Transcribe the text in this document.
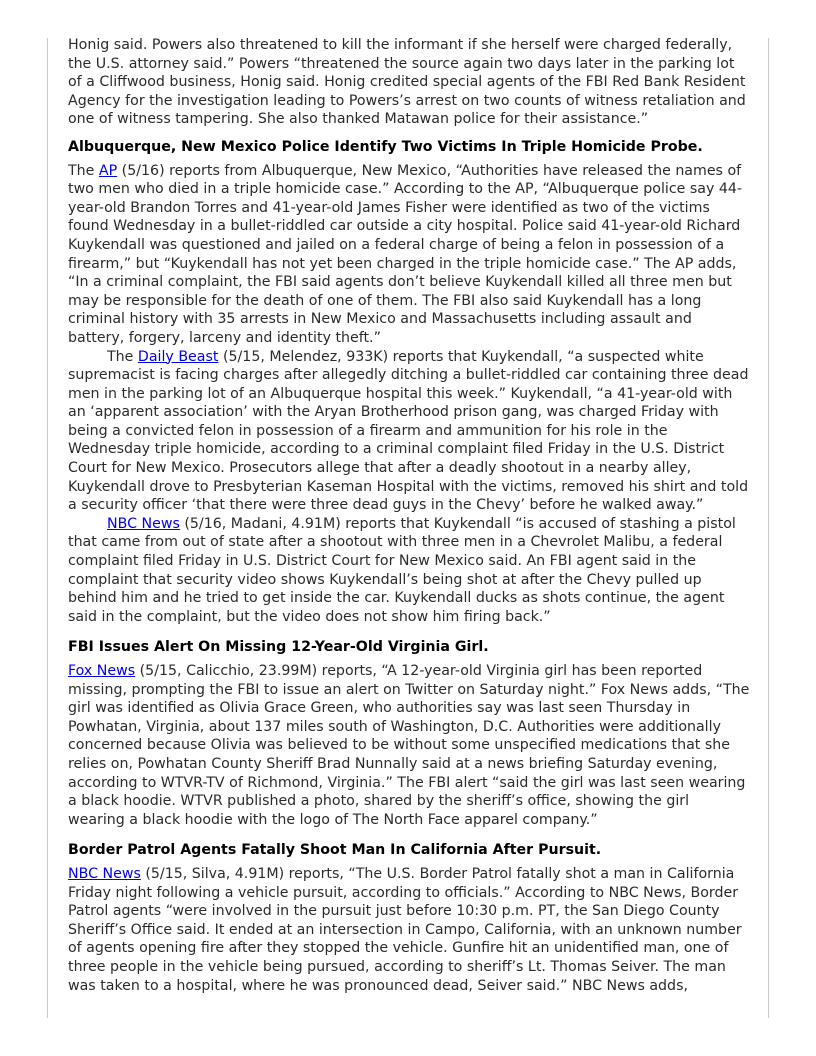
Honig said. Powers also threatened to kill the informant if she herself were charged federally, the U.S. attorney said.” Powers “threatened the source again two days later in the parking lot of a Cliffwood business, Honig said. Honig credited special agents of the FBI Red Bank Resident Agency for the investigation leading to Powers’s arrest on two counts of witness retaliation and one of witness tampering. She also thanked Matawan police for their assistance.”

Albuquerque, New Mexico Police Identify Two Victims In Triple Homicide Probe.

The AP (5/16) reports from Albuquerque, New Mexico, “Authorities have released the names of two men who died in a triple homicide case.” According to the AP, “Albuquerque police say 44-year-old Brandon Torres and 41-year-old James Fisher were identified as two of the victims found Wednesday in a bullet-riddled car outside a city hospital. Police said 41-year-old Richard Kuykendall was questioned and jailed on a federal charge of being a felon in possession of a firearm,” but “Kuykendall has not yet been charged in the triple homicide case.” The AP adds, “In a criminal complaint, the FBI said agents don’t believe Kuykendall killed all three men but may be responsible for the death of one of them. The FBI also said Kuykendall has a long criminal history with 35 arrests in New Mexico and Massachusetts including assault and battery, forgery, larceny and identity theft.”

The Daily Beast (5/15, Melendez, 933K) reports that Kuykendall, “a suspected white supremacist is facing charges after allegedly ditching a bullet-riddled car containing three dead men in the parking lot of an Albuquerque hospital this week.” Kuykendall, “a 41-year-old with an ‘apparent association’ with the Aryan Brotherhood prison gang, was charged Friday with being a convicted felon in possession of a firearm and ammunition for his role in the Wednesday triple homicide, according to a criminal complaint filed Friday in the U.S. District Court for New Mexico. Prosecutors allege that after a deadly shootout in a nearby alley, Kuykendall drove to Presbyterian Kaseman Hospital with the victims, removed his shirt and told a security officer ‘that there were three dead guys in the Chevy’ before he walked away.”

NBC News (5/16, Madani, 4.91M) reports that Kuykendall “is accused of stashing a pistol that came from out of state after a shootout with three men in a Chevrolet Malibu, a federal complaint filed Friday in U.S. District Court for New Mexico said. An FBI agent said in the complaint that security video shows Kuykendall’s being shot at after the Chevy pulled up behind him and he tried to get inside the car. Kuykendall ducks as shots continue, the agent said in the complaint, but the video does not show him firing back.”

FBI Issues Alert On Missing 12-Year-Old Virginia Girl.

Fox News (5/15, Calicchio, 23.99M) reports, “A 12-year-old Virginia girl has been reported missing, prompting the FBI to issue an alert on Twitter on Saturday night.” Fox News adds, “The girl was identified as Olivia Grace Green, who authorities say was last seen Thursday in Powhatan, Virginia, about 137 miles south of Washington, D.C. Authorities were additionally concerned because Olivia was believed to be without some unspecified medications that she relies on, Powhatan County Sheriff Brad Nunnally said at a news briefing Saturday evening, according to WTVR-TV of Richmond, Virginia.” The FBI alert “said the girl was last seen wearing a black hoodie. WTVR published a photo, shared by the sheriff’s office, showing the girl wearing a black hoodie with the logo of The North Face apparel company.”

Border Patrol Agents Fatally Shoot Man In California After Pursuit.

NBC News (5/15, Silva, 4.91M) reports, “The U.S. Border Patrol fatally shot a man in California Friday night following a vehicle pursuit, according to officials.” According to NBC News, Border Patrol agents “were involved in the pursuit just before 10:30 p.m. PT, the San Diego County Sheriff’s Office said. It ended at an intersection in Campo, California, with an unknown number of agents opening fire after they stopped the vehicle. Gunfire hit an unidentified man, one of three people in the vehicle being pursued, according to sheriff’s Lt. Thomas Seiver. The man was taken to a hospital, where he was pronounced dead, Seiver said.” NBC News adds,
